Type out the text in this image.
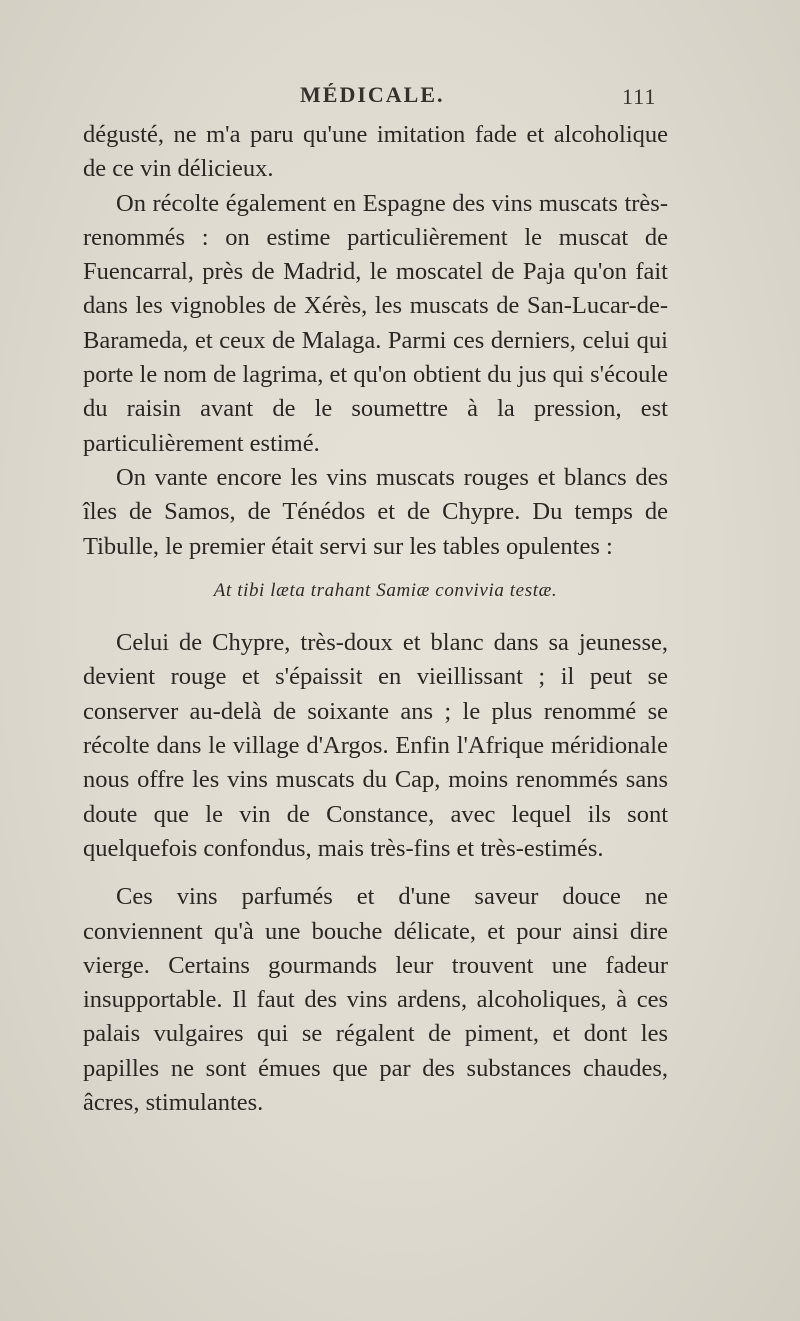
MÉDICALE.	111

dégusté, ne m'a paru qu'une imitation fade et alcoholique de ce vin délicieux.

On récolte également en Espagne des vins muscats très-renommés : on estime particulièrement le muscat de Fuencarral, près de Madrid, le moscatel de Paja qu'on fait dans les vignobles de Xérès, les muscats de San-Lucar-de-Barameda, et ceux de Malaga. Parmi ces derniers, celui qui porte le nom de lagrima, et qu'on obtient du jus qui s'écoule du raisin avant de le soumettre à la pression, est particulièrement estimé.

On vante encore les vins muscats rouges et blancs des îles de Samos, de Ténédos et de Chypre. Du temps de Tibulle, le premier était servi sur les tables opulentes :

At tibi læta trahant Samiæ convivia testæ.

Celui de Chypre, très-doux et blanc dans sa jeunesse, devient rouge et s'épaissit en vieillissant ; il peut se conserver au-delà de soixante ans ; le plus renommé se récolte dans le village d'Argos. Enfin l'Afrique méridionale nous offre les vins muscats du Cap, moins renommés sans doute que le vin de Constance, avec lequel ils sont quelquefois confondus, mais très-fins et très-estimés.

Ces vins parfumés et d'une saveur douce ne conviennent qu'à une bouche délicate, et pour ainsi dire vierge. Certains gourmands leur trouvent une fadeur insupportable. Il faut des vins ardens, alcoholiques, à ces palais vulgaires qui se régalent de piment, et dont les papilles ne sont émues que par des substances chaudes, âcres, stimulantes.
